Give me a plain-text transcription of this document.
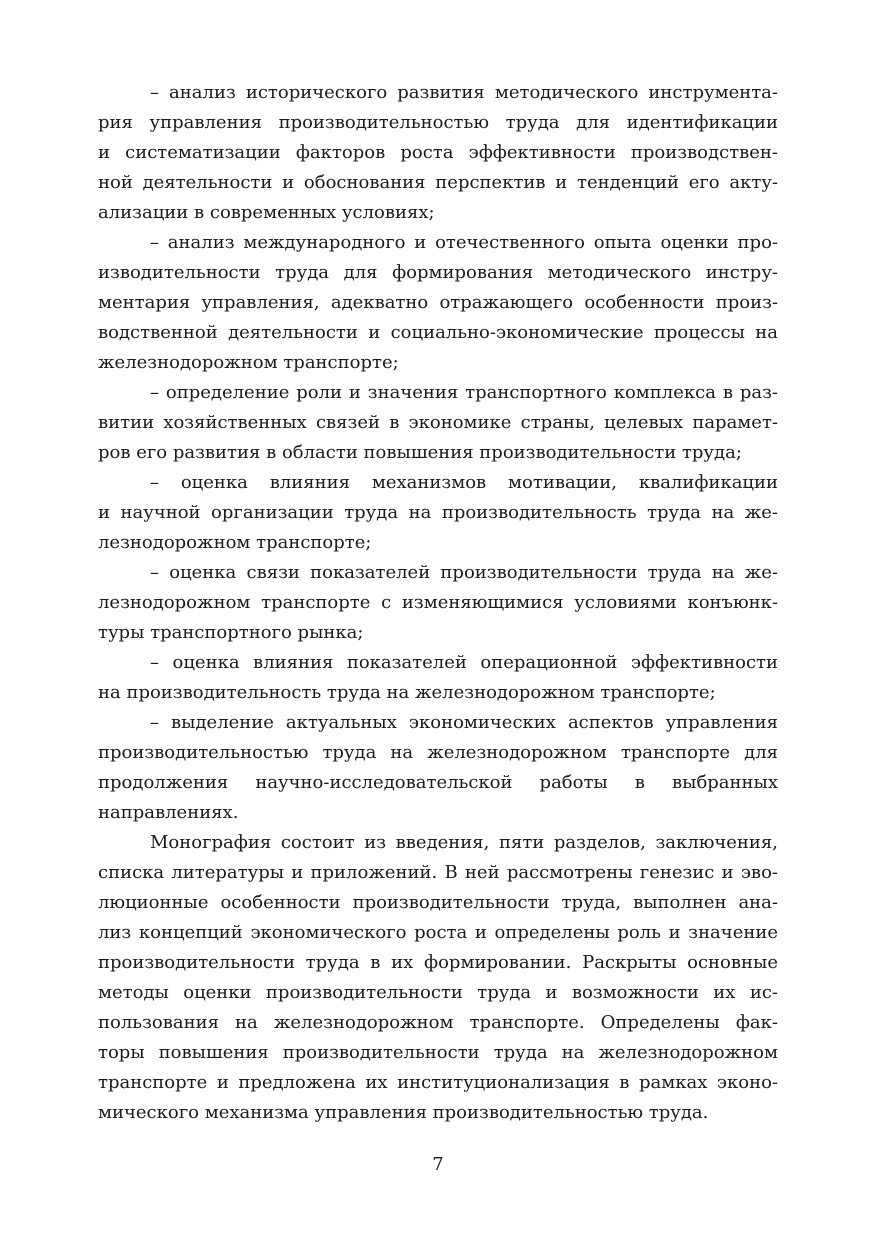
– анализ исторического развития методического инструмента-
рия управления производительностью труда для идентификации
и систематизации факторов роста эффективности производствен-
ной деятельности и обоснования перспектив и тенденций его акту-
ализации в современных условиях;
– анализ международного и отечественного опыта оценки про-
изводительности труда для формирования методического инстру-
ментария управления, адекватно отражающего особенности произ-
водственной деятельности и социально-экономические процессы на
железнодорожном транспорте;
– определение роли и значения транспортного комплекса в раз-
витии хозяйственных связей в экономике страны, целевых парамет-
ров его развития в области повышения производительности труда;
– оценка влияния механизмов мотивации, квалификации
и научной организации труда на производительность труда на же-
лезнодорожном транспорте;
– оценка связи показателей производительности труда на же-
лезнодорожном транспорте с изменяющимися условиями конъюнк-
туры транспортного рынка;
– оценка влияния показателей операционной эффективности
на производительность труда на железнодорожном транспорте;
– выделение актуальных экономических аспектов управления
производительностью труда на железнодорожном транспорте для
продолжения научно-исследовательской работы в выбранных
направлениях.
Монография состоит из введения, пяти разделов, заключения,
списка литературы и приложений. В ней рассмотрены генезис и эво-
люционные особенности производительности труда, выполнен ана-
лиз концепций экономического роста и определены роль и значение
производительности труда в их формировании. Раскрыты основные
методы оценки производительности труда и возможности их ис-
пользования на железнодорожном транспорте. Определены фак-
торы повышения производительности труда на железнодорожном
транспорте и предложена их институционализация в рамках эконо-
мического механизма управления производительностью труда.
7
